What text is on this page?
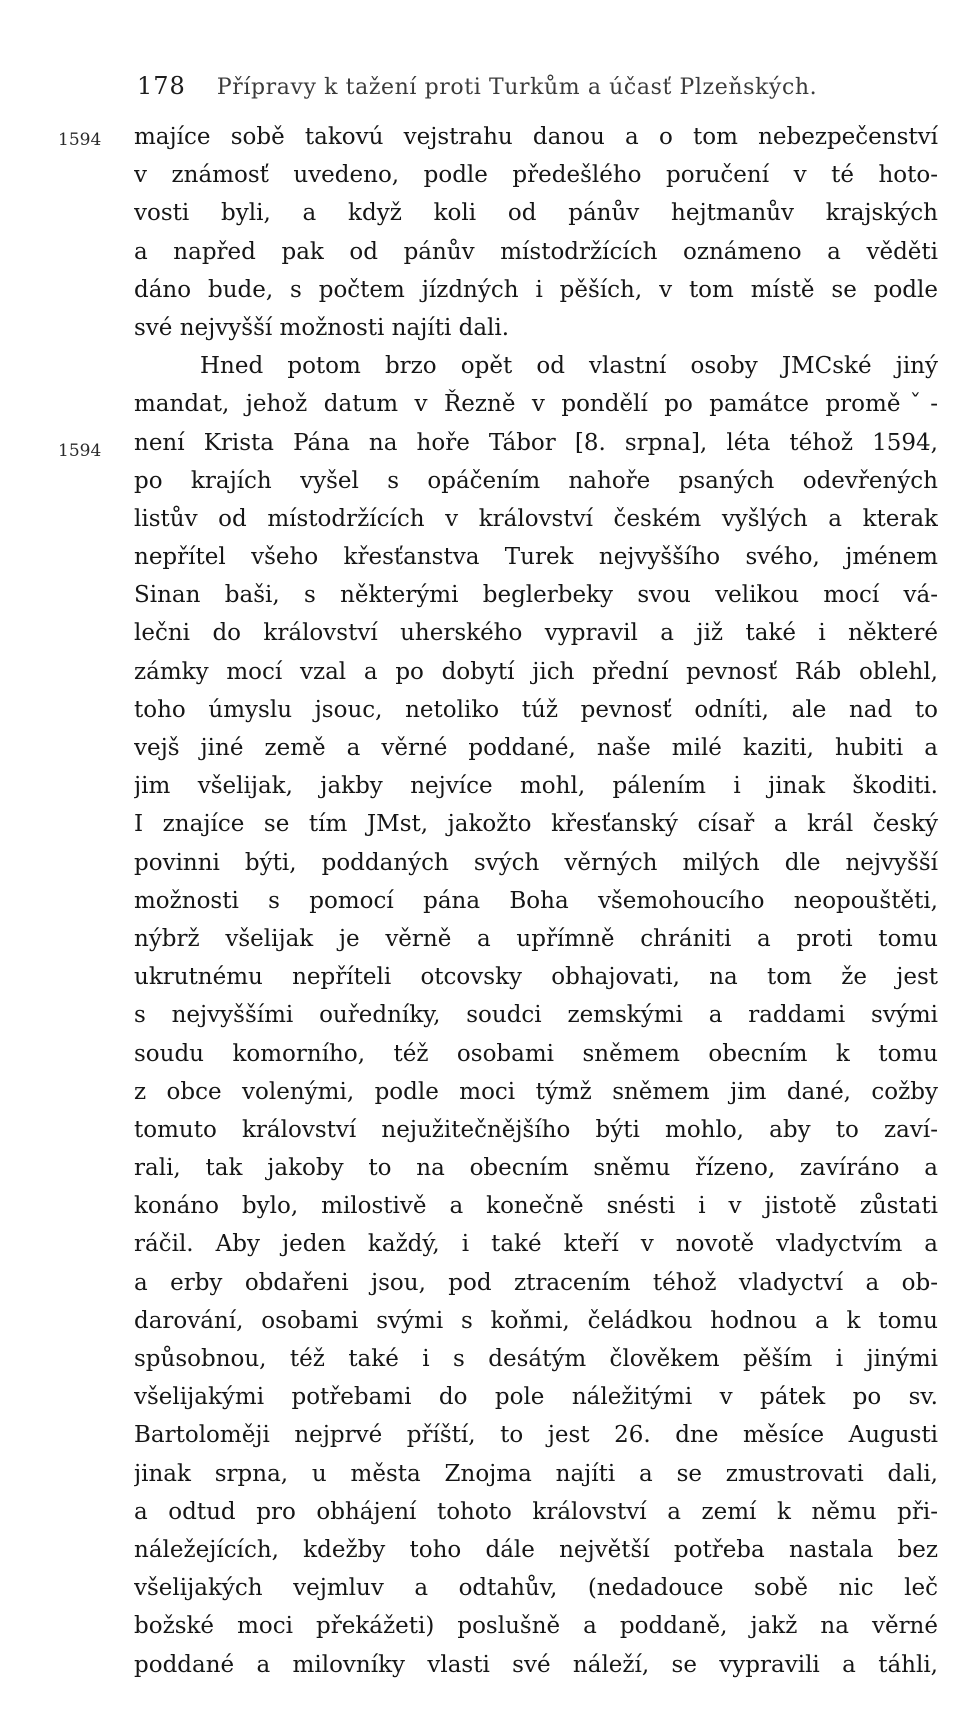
178 Přípravy k tažení proti Turkům a účasť Plzeňských.
1594
1594
majíce sobě takovú vejstrahu danou a o tom nebezpečenství
v známosť uvedeno, podle předešlého poručení v té hoto-
vosti byli, a když koli od pánův hejtmanův krajských
a napřed pak od pánův místodržících oznámeno a věděti
dáno bude, s počtem jízdných i pěších, v tom místě se podle
své nejvyšší možnosti najíti dali.
Hned potom brzo opět od vlastní osoby JMCské jiný
mandat, jehož datum v Řezně v pondělí po památce proměˇ-
není Krista Pána na hoře Tábor [8. srpna], léta téhož 1594,
po krajích vyšel s opáčením nahoře psaných odevřených
listův od místodržících v království českém vyšlých a kterak
nepřítel všeho křesťanstva Turek nejvyššího svého, jménem
Sinan baši, s některými beglerbeky svou velikou mocí vá-
lečni do království uherského vypravil a již také i některé
zámky mocí vzal a po dobytí jich přední pevnosť Ráb oblehl,
toho úmyslu jsouc, netoliko túž pevnosť odníti, ale nad to
vejš jiné země a věrné poddané, naše milé kaziti, hubiti a
jim všelijak, jakby nejvíce mohl, pálením i jinak škoditi.
I znajíce se tím JMst, jakožto křesťanský císař a král český
povinni býti, poddaných svých věrných milých dle nejvyšší
možnosti s pomocí pána Boha všemohoucího neopouštěti,
nýbrž všelijak je věrně a upřímně chrániti a proti tomu
ukrutnému nepříteli otcovsky obhajovati, na tom že jest
s nejvyššími ouředníky, soudci zemskými a raddami svými
soudu komorního, též osobami sněmem obecním k tomu
z obce volenými, podle moci týmž sněmem jim dané, cožby
tomuto království nejužitečnějšího býti mohlo, aby to zaví-
rali, tak jakoby to na obecním sněmu řízeno, zavíráno a
konáno bylo, milostivě a konečně snésti i v jistotě zůstati
ráčil. Aby jeden každý, i také kteří v novotě vladyctvím a
a erby obdařeni jsou, pod ztracením téhož vladyctví a ob-
darování, osobami svými s koňmi, čeládkou hodnou a k tomu
spůsobnou, též také i s desátým člověkem pěším i jinými
všelijakými potřebami do pole náležitými v pátek po sv.
Bartoloměji nejprvé příští, to jest 26. dne měsíce Augusti
jinak srpna, u města Znojma najíti a se zmustrovati dali,
a odtud pro obhájení tohoto království a zemí k němu při-
náležejících, kdežby toho dále největší potřeba nastala bez
všelijakých vejmluv a odtahův, (nedadouce sobě nic leč
božské moci překážeti) poslušně a poddaně, jakž na věrné
poddané a milovníky vlasti své náleží, se vypravili a táhli,
